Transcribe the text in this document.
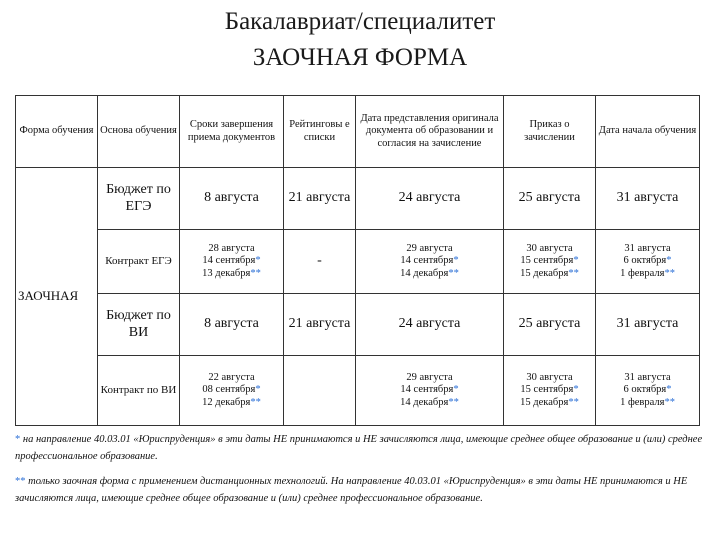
Бакалавриат/специалитет
ЗАОЧНАЯ ФОРМА
Форма обучения	Основа обучения	Сроки завершения приема документов	Рейтинговы е списки	Дата представления оригинала документа об образовании и согласия на зачисление	Приказ о зачислении	Дата начала обучения
ЗАОЧНАЯ	Бюджет по ЕГЭ	8 августа	21 августа	24 августа	25 августа	31 августа

	Контракт ЕГЭ	28 августа
14 сентября*
13 декабря**	-	29 августа
14 сентября*
14 декабря**	30 августа
15 сентября*
15 декабря**	31 августа
6 октября*
1 февраля**

	Бюджет по ВИ	8 августа	21 августа	24 августа	25 августа	31 августа

	Контракт по ВИ	22 августа
08 сентября*
12 декабря**		29 августа
14 сентября*
14 декабря**	30 августа
15 сентября*
15 декабря**	31 августа
6 октября*
1 февраля**
* на направление 40.03.01 «Юриспруденция» в эти даты НЕ принимаются и НЕ зачисляются лица, имеющие среднее общее образование и (или) среднее профессиональное образование.
** только заочная форма с применением дистанционных технологий. На направление 40.03.01 «Юриспруденция» в эти даты НЕ принимаются и НЕ зачисляются лица, имеющие среднее общее образование и (или) среднее профессиональное образование.
